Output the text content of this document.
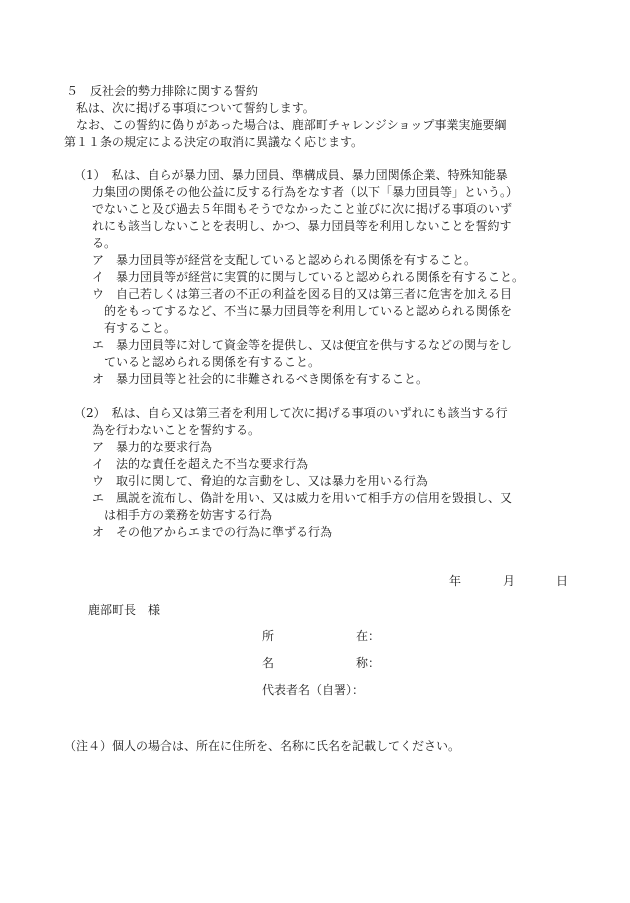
５　反社会的勢力排除に関する誓約
私は、次に掲げる事項について誓約します。
なお、この誓約に偽りがあった場合は、鹿部町チャレンジショップ事業実施要綱
第１１条の規定による決定の取消に異議なく応じます。
（1）　私は、自らが暴力団、暴力団員、準構成員、暴力団関係企業、特殊知能暴
力集団の関係その他公益に反する行為をなす者（以下「暴力団員等」という。）
でないこと及び過去５年間もそうでなかったこと並びに次に掲げる事項のいず
れにも該当しないことを表明し、かつ、暴力団員等を利用しないことを誓約す
る。
ア　暴力団員等が経営を支配していると認められる関係を有すること。
イ　暴力団員等が経営に実質的に関与していると認められる関係を有すること。
ウ　自己若しくは第三者の不正の利益を図る目的又は第三者に危害を加える目
的をもってするなど、不当に暴力団員等を利用していると認められる関係を
有すること。
エ　暴力団員等に対して資金等を提供し、又は便宜を供与するなどの関与をし
ていると認められる関係を有すること。
オ　暴力団員等と社会的に非難されるべき関係を有すること。
（2）　私は、自ら又は第三者を利用して次に掲げる事項のいずれにも該当する行
為を行わないことを誓約する。
ア　暴力的な要求行為
イ　法的な責任を超えた不当な要求行為
ウ　取引に関して、脅迫的な言動をし、又は暴力を用いる行為
エ　風説を流布し、偽計を用い、又は威力を用いて相手方の信用を毀損し、又
は相手方の業務を妨害する行為
オ　その他アからエまでの行為に準ずる行為
年	月	日
鹿部町長　様
所	在：
名	称：
代表者名（自署）：
（注４）個人の場合は、所在に住所を、名称に氏名を記載してください。
